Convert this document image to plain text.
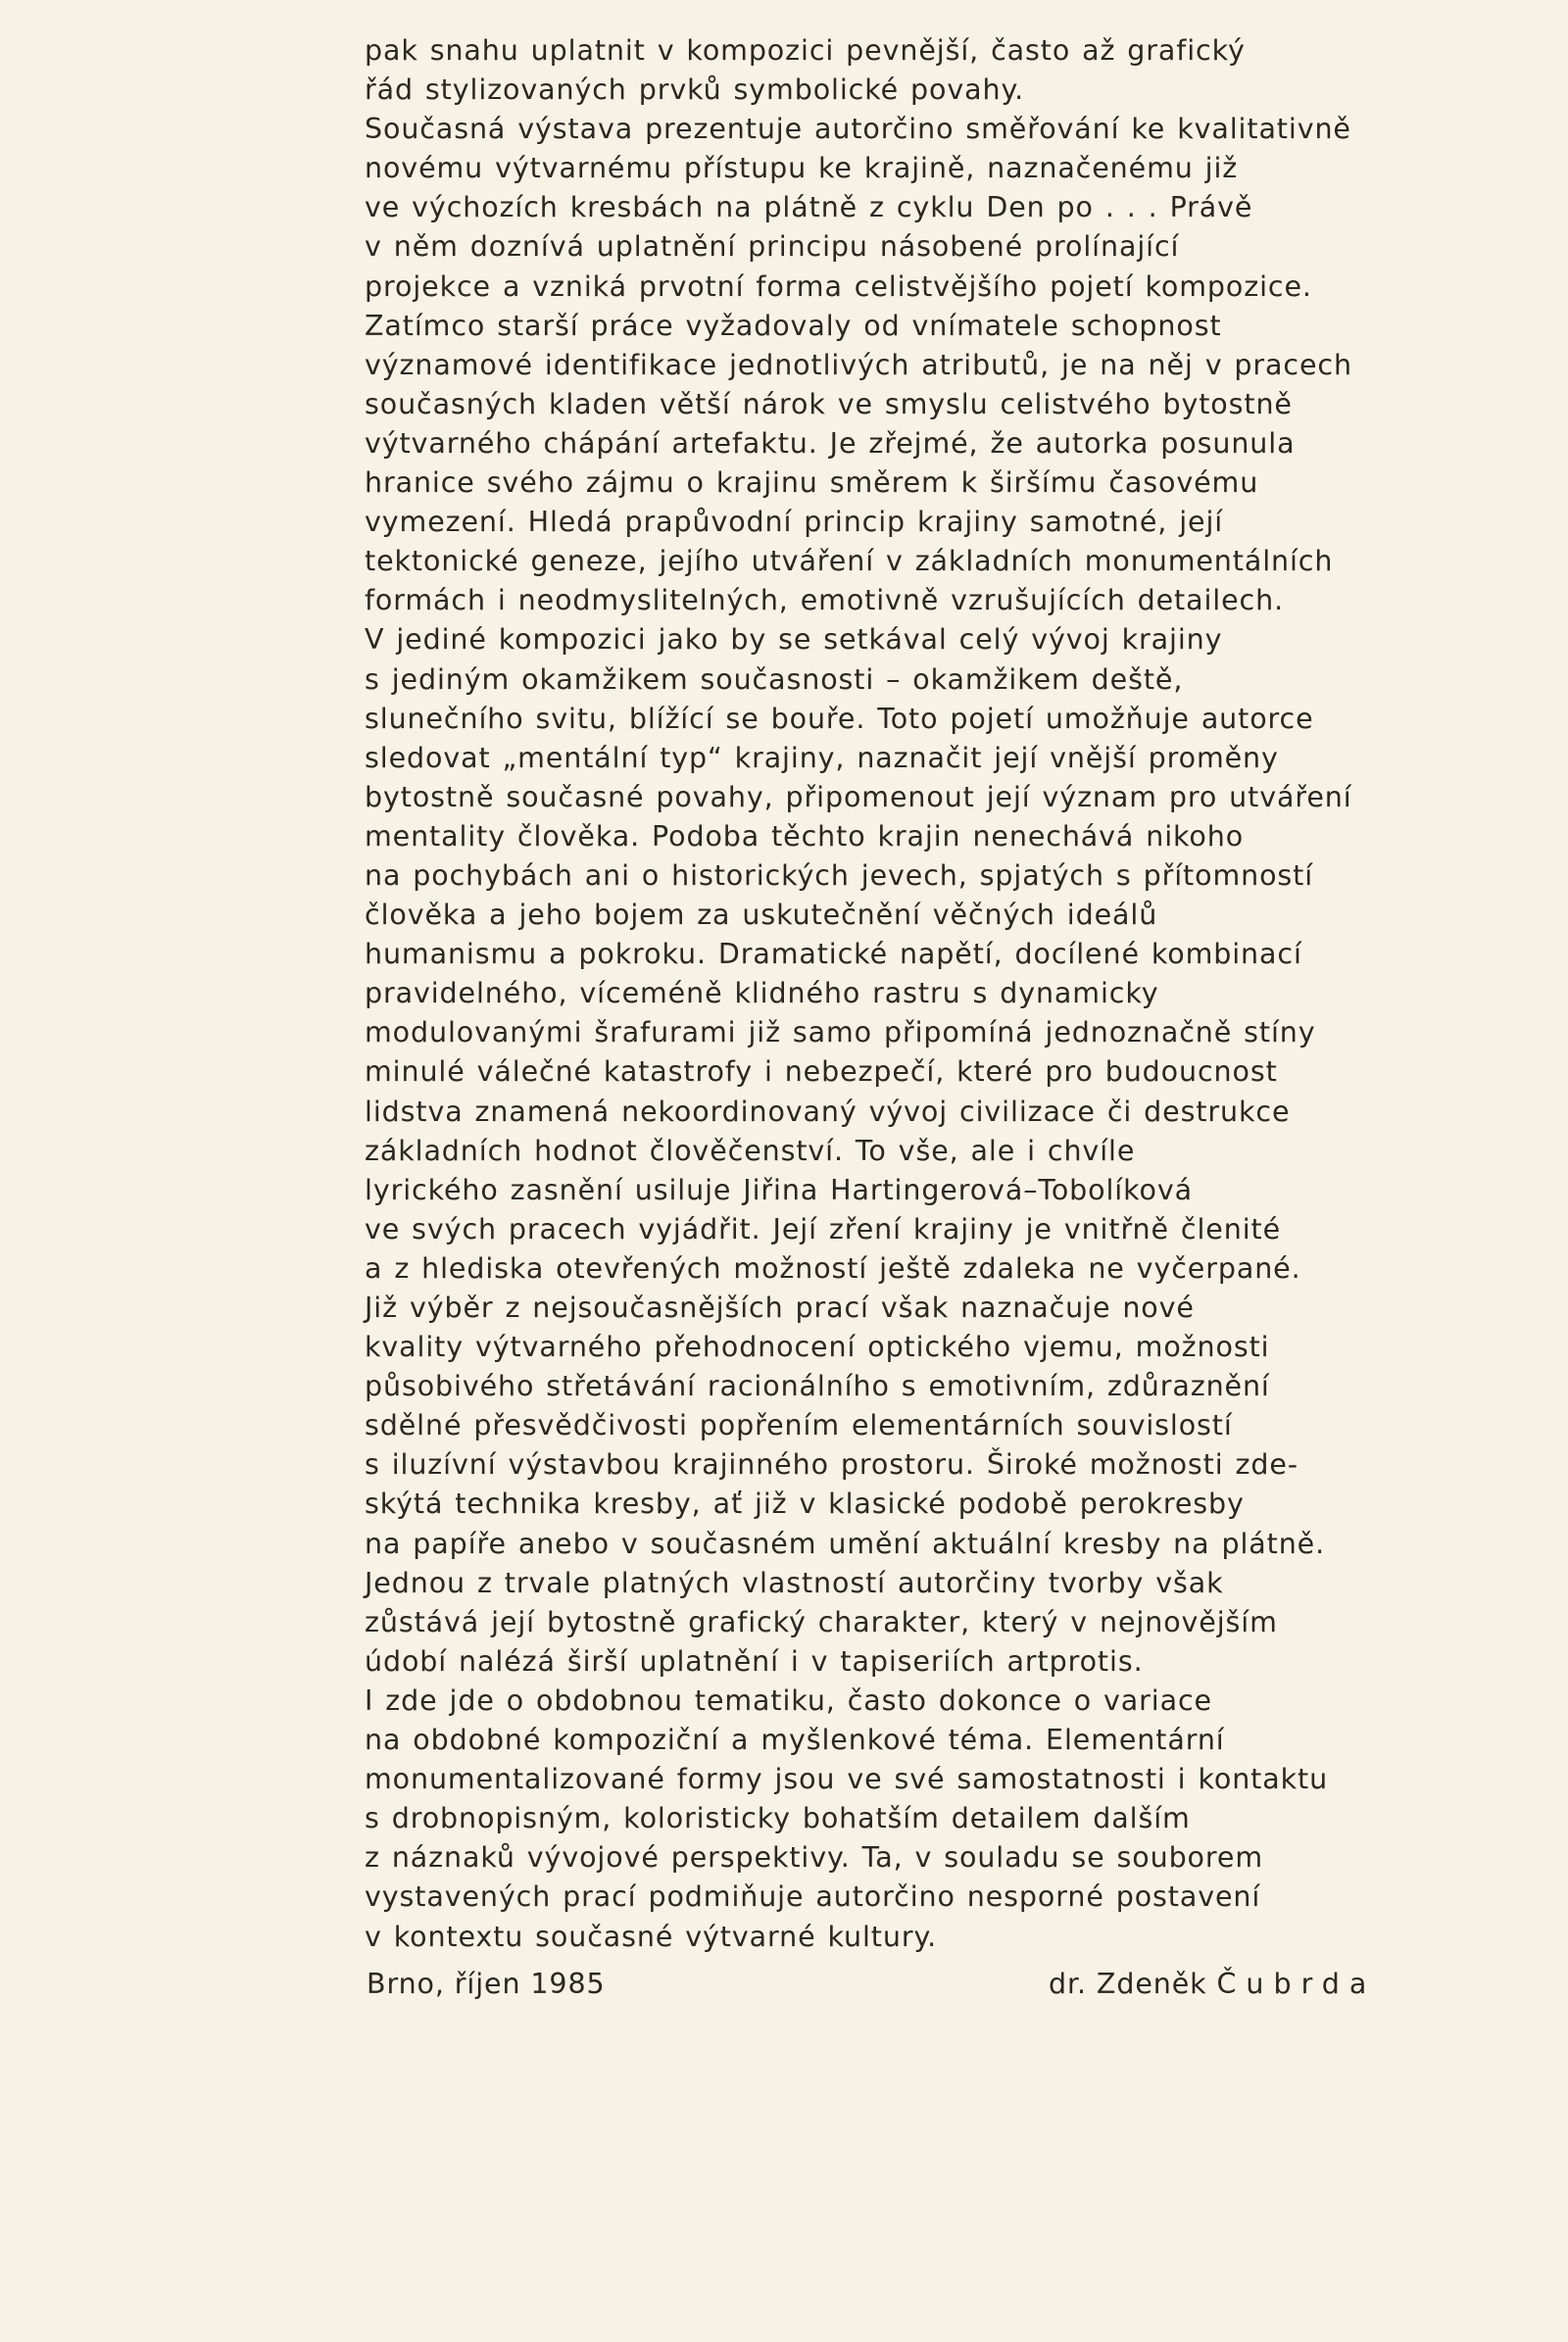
pak snahu uplatnit v kompozici pevnější, často až grafický
řád stylizovaných prvků symbolické povahy.
Současná výstava prezentuje autorčino směřování ke kvalitativně
novému výtvarnému přístupu ke krajině, naznačenému již
ve výchozích kresbách na plátně z cyklu Den po . . . Právě
v něm doznívá uplatnění principu násobené prolínající
projekce a vzniká prvotní forma celistvějšího pojetí kompozice.
Zatímco starší práce vyžadovaly od vnímatele schopnost
významové identifikace jednotlivých atributů, je na něj v pracech
současných kladen větší nárok ve smyslu celistvého bytostně
výtvarného chápání artefaktu. Je zřejmé, že autorka posunula
hranice svého zájmu o krajinu směrem k širšímu časovému
vymezení. Hledá prapůvodní princip krajiny samotné, její
tektonické geneze, jejího utváření v základních monumentálních
formách i neodmyslitelných, emotivně vzrušujících detailech.
V jediné kompozici jako by se setkával celý vývoj krajiny
s jediným okamžikem současnosti – okamžikem deště,
slunečního svitu, blížící se bouře. Toto pojetí umožňuje autorce
sledovat „mentální typ“ krajiny, naznačit její vnější proměny
bytostně současné povahy, připomenout její význam pro utváření
mentality člověka. Podoba těchto krajin nenechává nikoho
na pochybách ani o historických jevech, spjatých s přítomností
člověka a jeho bojem za uskutečnění věčných ideálů
humanismu a pokroku. Dramatické napětí, docílené kombinací
pravidelného, víceméně klidného rastru s dynamicky
modulovanými šrafurami již samo připomíná jednoznačně stíny
minulé válečné katastrofy i nebezpečí, které pro budoucnost
lidstva znamená nekoordinovaný vývoj civilizace či destrukce
základních hodnot člověčenství. To vše, ale i chvíle
lyrického zasnění usiluje Jiřina Hartingerová–Tobolíková
ve svých pracech vyjádřit. Její zření krajiny je vnitřně členité
a z hlediska otevřených možností ještě zdaleka ne vyčerpané.
Již výběr z nejsoučasnějších prací však naznačuje nové
kvality výtvarného přehodnocení optického vjemu, možnosti
působivého střetávání racionálního s emotivním, zdůraznění
sdělné přesvědčivosti popřením elementárních souvislostí
s iluzívní výstavbou krajinného prostoru. Široké možnosti zde-
skýtá technika kresby, ať již v klasické podobě perokresby
na papíře anebo v současném umění aktuální kresby na plátně.
Jednou z trvale platných vlastností autorčiny tvorby však
zůstává její bytostně grafický charakter, který v nejnovějším
údobí nalézá širší uplatnění i v tapiseriích artprotis.
I zde jde o obdobnou tematiku, často dokonce o variace
na obdobné kompoziční a myšlenkové téma. Elementární
monumentalizované formy jsou ve své samostatnosti i kontaktu
s drobnopisným, koloristicky bohatším detailem dalším
z náznaků vývojové perspektivy. Ta, v souladu se souborem
vystavených prací podmiňuje autorčino nesporné postavení
v kontextu současné výtvarné kultury.
Brno, říjen 1985	dr. Zdeněk Čubrda
